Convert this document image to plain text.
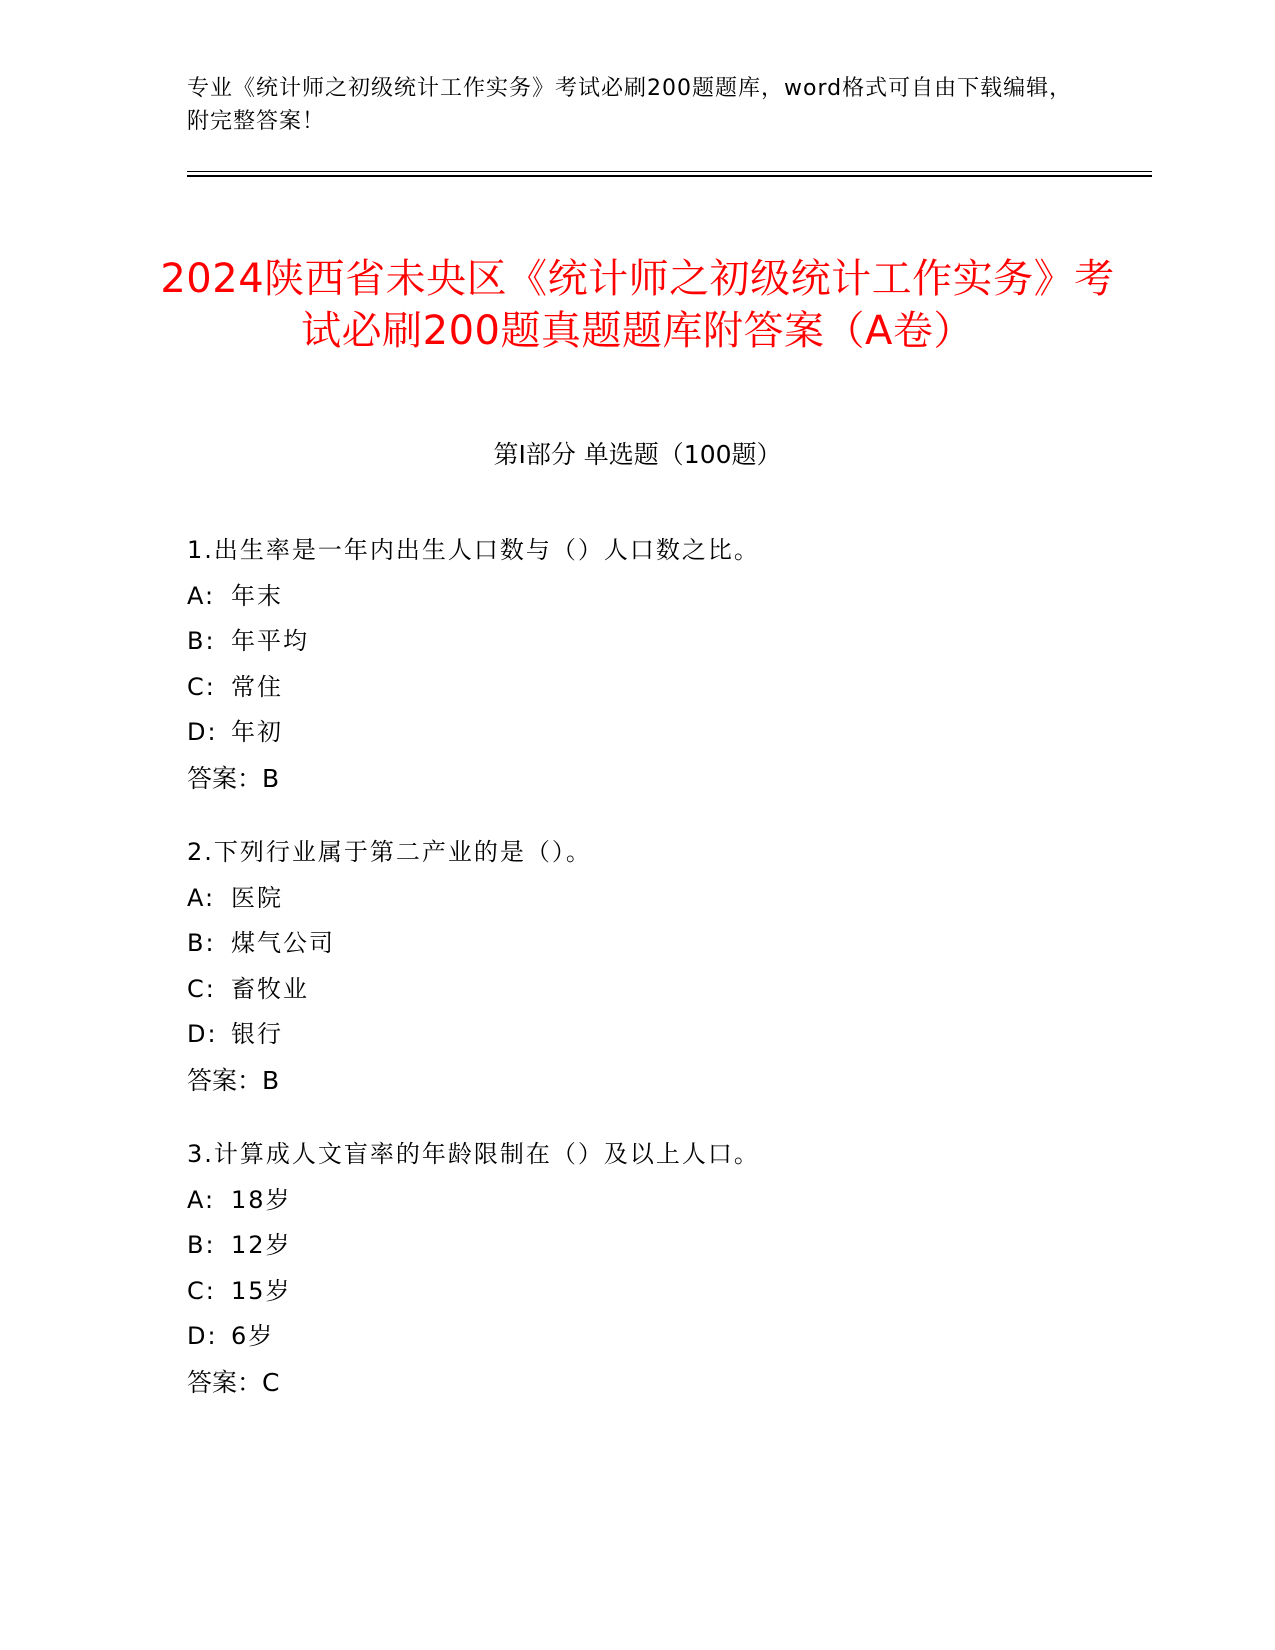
专业《统计师之初级统计工作实务》考试必刷200题题库，word格式可自由下载编辑，附完整答案！
2024陕西省未央区《统计师之初级统计工作实务》考试必刷200题真题题库附答案（A卷）
第I部分 单选题（100题）
1.出生率是一年内出生人口数与（）人口数之比。
A: 年末
B: 年平均
C: 常住
D: 年初
答案：B
2.下列行业属于第二产业的是（）。
A: 医院
B: 煤气公司
C: 畜牧业
D: 银行
答案：B
3.计算成人文盲率的年龄限制在（）及以上人口。
A: 18岁
B: 12岁
C: 15岁
D: 6岁
答案：C
